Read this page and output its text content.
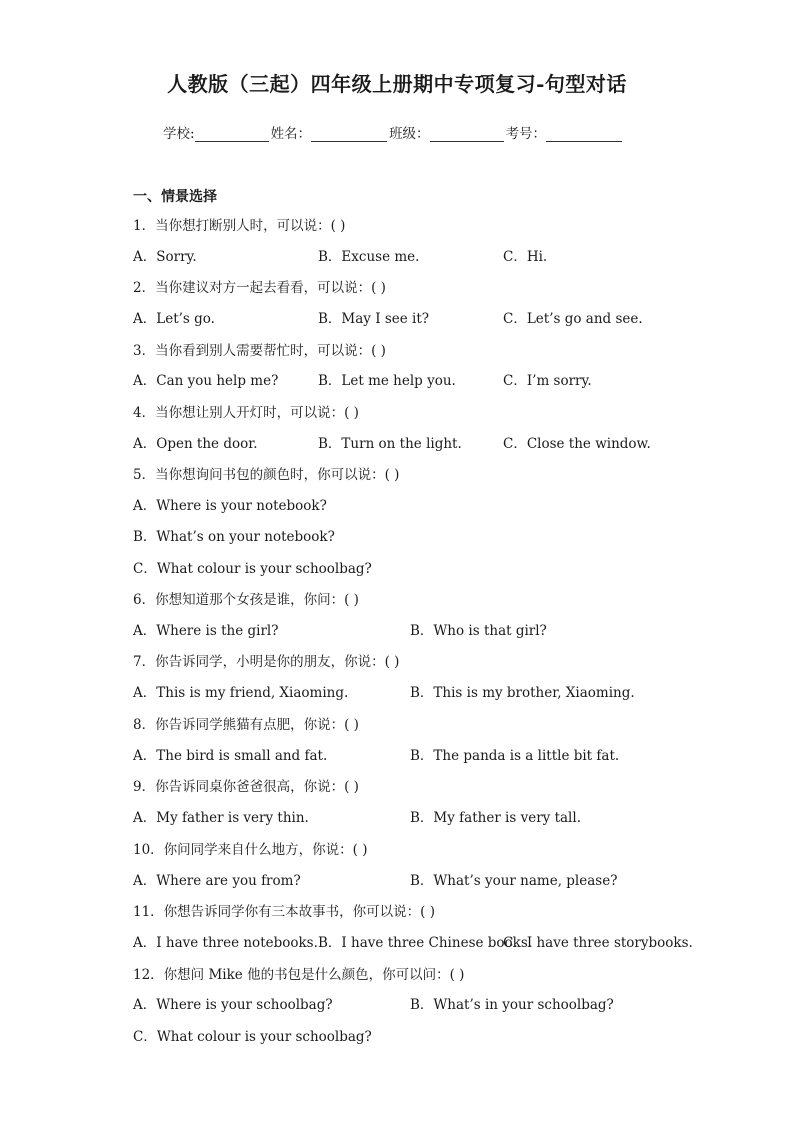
人教版（三起）四年级上册期中专项复习-句型对话
学校:	姓名：	班级：	考号：
一、情景选择
1．当你想打断别人时，可以说：( )
A．Sorry.	B．Excuse me.	C．Hi.
2．当你建议对方一起去看看，可以说：( )
A．Let’s go.	B．May I see it?	C．Let’s go and see.
3．当你看到别人需要帮忙时，可以说：( )
A．Can you help me?	B．Let me help you.	C．I’m sorry.
4．当你想让别人开灯时，可以说：( )
A．Open the door.	B．Turn on the light.	C．Close the window.
5．当你想询问书包的颜色时，你可以说：( )
A．Where is your notebook?
B．What’s on your notebook?
C．What colour is your schoolbag?
6．你想知道那个女孩是谁，你问：( )
A．Where is the girl?	B．Who is that girl?
7．你告诉同学，小明是你的朋友，你说：( )
A．This is my friend, Xiaoming.	B．This is my brother, Xiaoming.
8．你告诉同学熊猫有点肥，你说：( )
A．The bird is small and fat.	B．The panda is a little bit fat.
9．你告诉同桌你爸爸很高，你说：( )
A．My father is very thin.	B．My father is very tall.
10．你问同学来自什么地方，你说：( )
A．Where are you from?	B．What’s your name, please?
11．你想告诉同学你有三本故事书，你可以说：( )
A．I have three notebooks. B．I have three Chinese books.
C．I have three storybooks.
12．你想问 Mike 他的书包是什么颜色，你可以问：( )
A．Where is your schoolbag?	B．What’s in your schoolbag?
C．What colour is your schoolbag?
